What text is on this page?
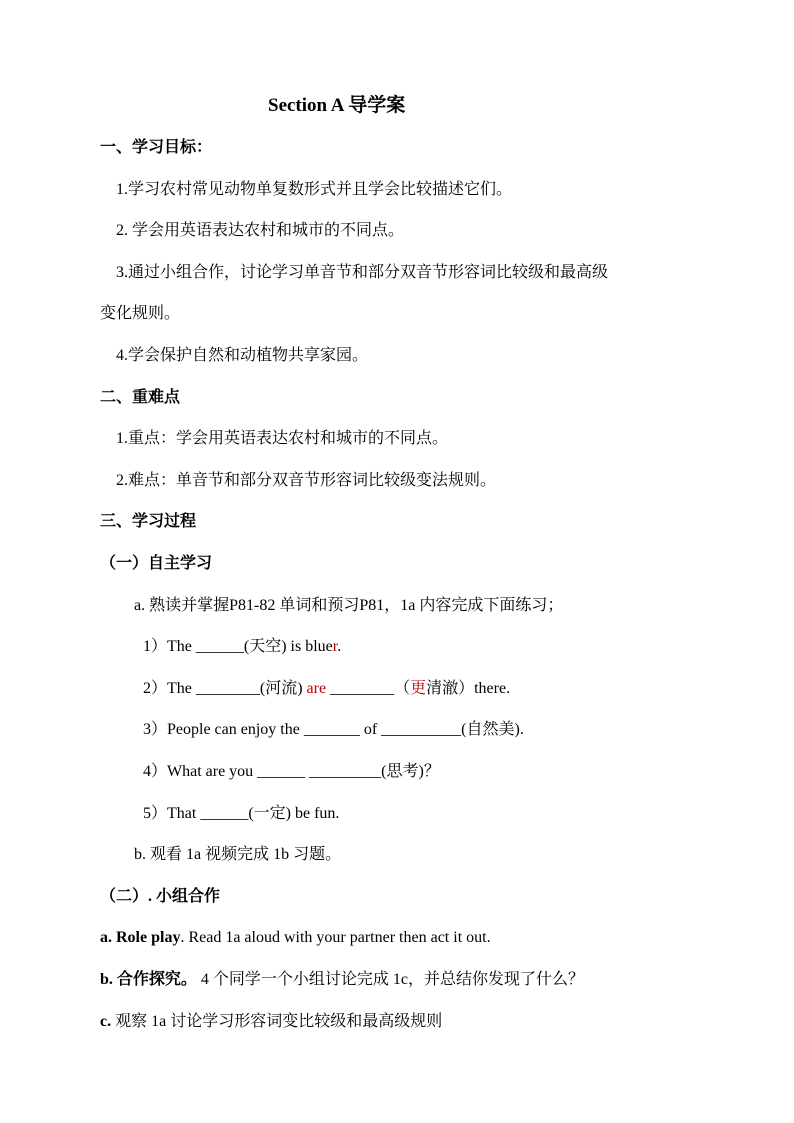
Section A 导学案
一、学习目标：
1.学习农村常见动物单复数形式并且学会比较描述它们。
2. 学会用英语表达农村和城市的不同点。
3.通过小组合作，讨论学习单音节和部分双音节形容词比较级和最高级
变化规则。
4.学会保护自然和动植物共享家园。
二、重难点
1.重点：学会用英语表达农村和城市的不同点。
2.难点：单音节和部分双音节形容词比较级变法规则。
三、学习过程
（一）自主学习
a. 熟读并掌握P81-82 单词和预习P81，1a 内容完成下面练习；
1）The ______(天空) is bluer.
2）The ________(河流) are ________（更清澈）there.
3）People can enjoy the _______ of __________(自然美).
4）What are you ______ _________(思考)？
5）That ______(一定) be fun.
b. 观看 1a 视频完成 1b 习题。
（二）. 小组合作
a. Role play. Read 1a aloud with your partner then act it out.
b. 合作探究。 4 个同学一个小组讨论完成 1c，并总结你发现了什么？
c. 观察 1a 讨论学习形容词变比较级和最高级规则
